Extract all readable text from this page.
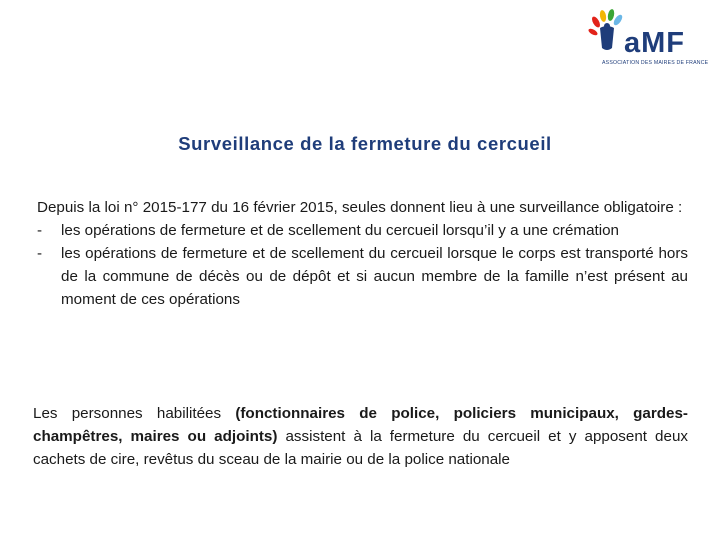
aMF
ASSOCIATION DES MAIRES DE FRANCE
Surveillance de la fermeture du cercueil

Depuis la loi n° 2015-177 du 16 février 2015, seules donnent lieu à une surveillance obligatoire :

-	les opérations de fermeture et de scellement du cercueil lorsqu’il y a une crémation
-	les opérations de fermeture et de scellement du cercueil lorsque le corps est transporté hors de la commune de décès ou de dépôt et si aucun membre de la famille n’est présent au moment de ces opérations

Les personnes habilitées (fonctionnaires de police, policiers municipaux, gardes-champêtres, maires ou adjoints) assistent à la fermeture du cercueil et y apposent deux cachets de cire, revêtus du sceau de la mairie ou de la police nationale
